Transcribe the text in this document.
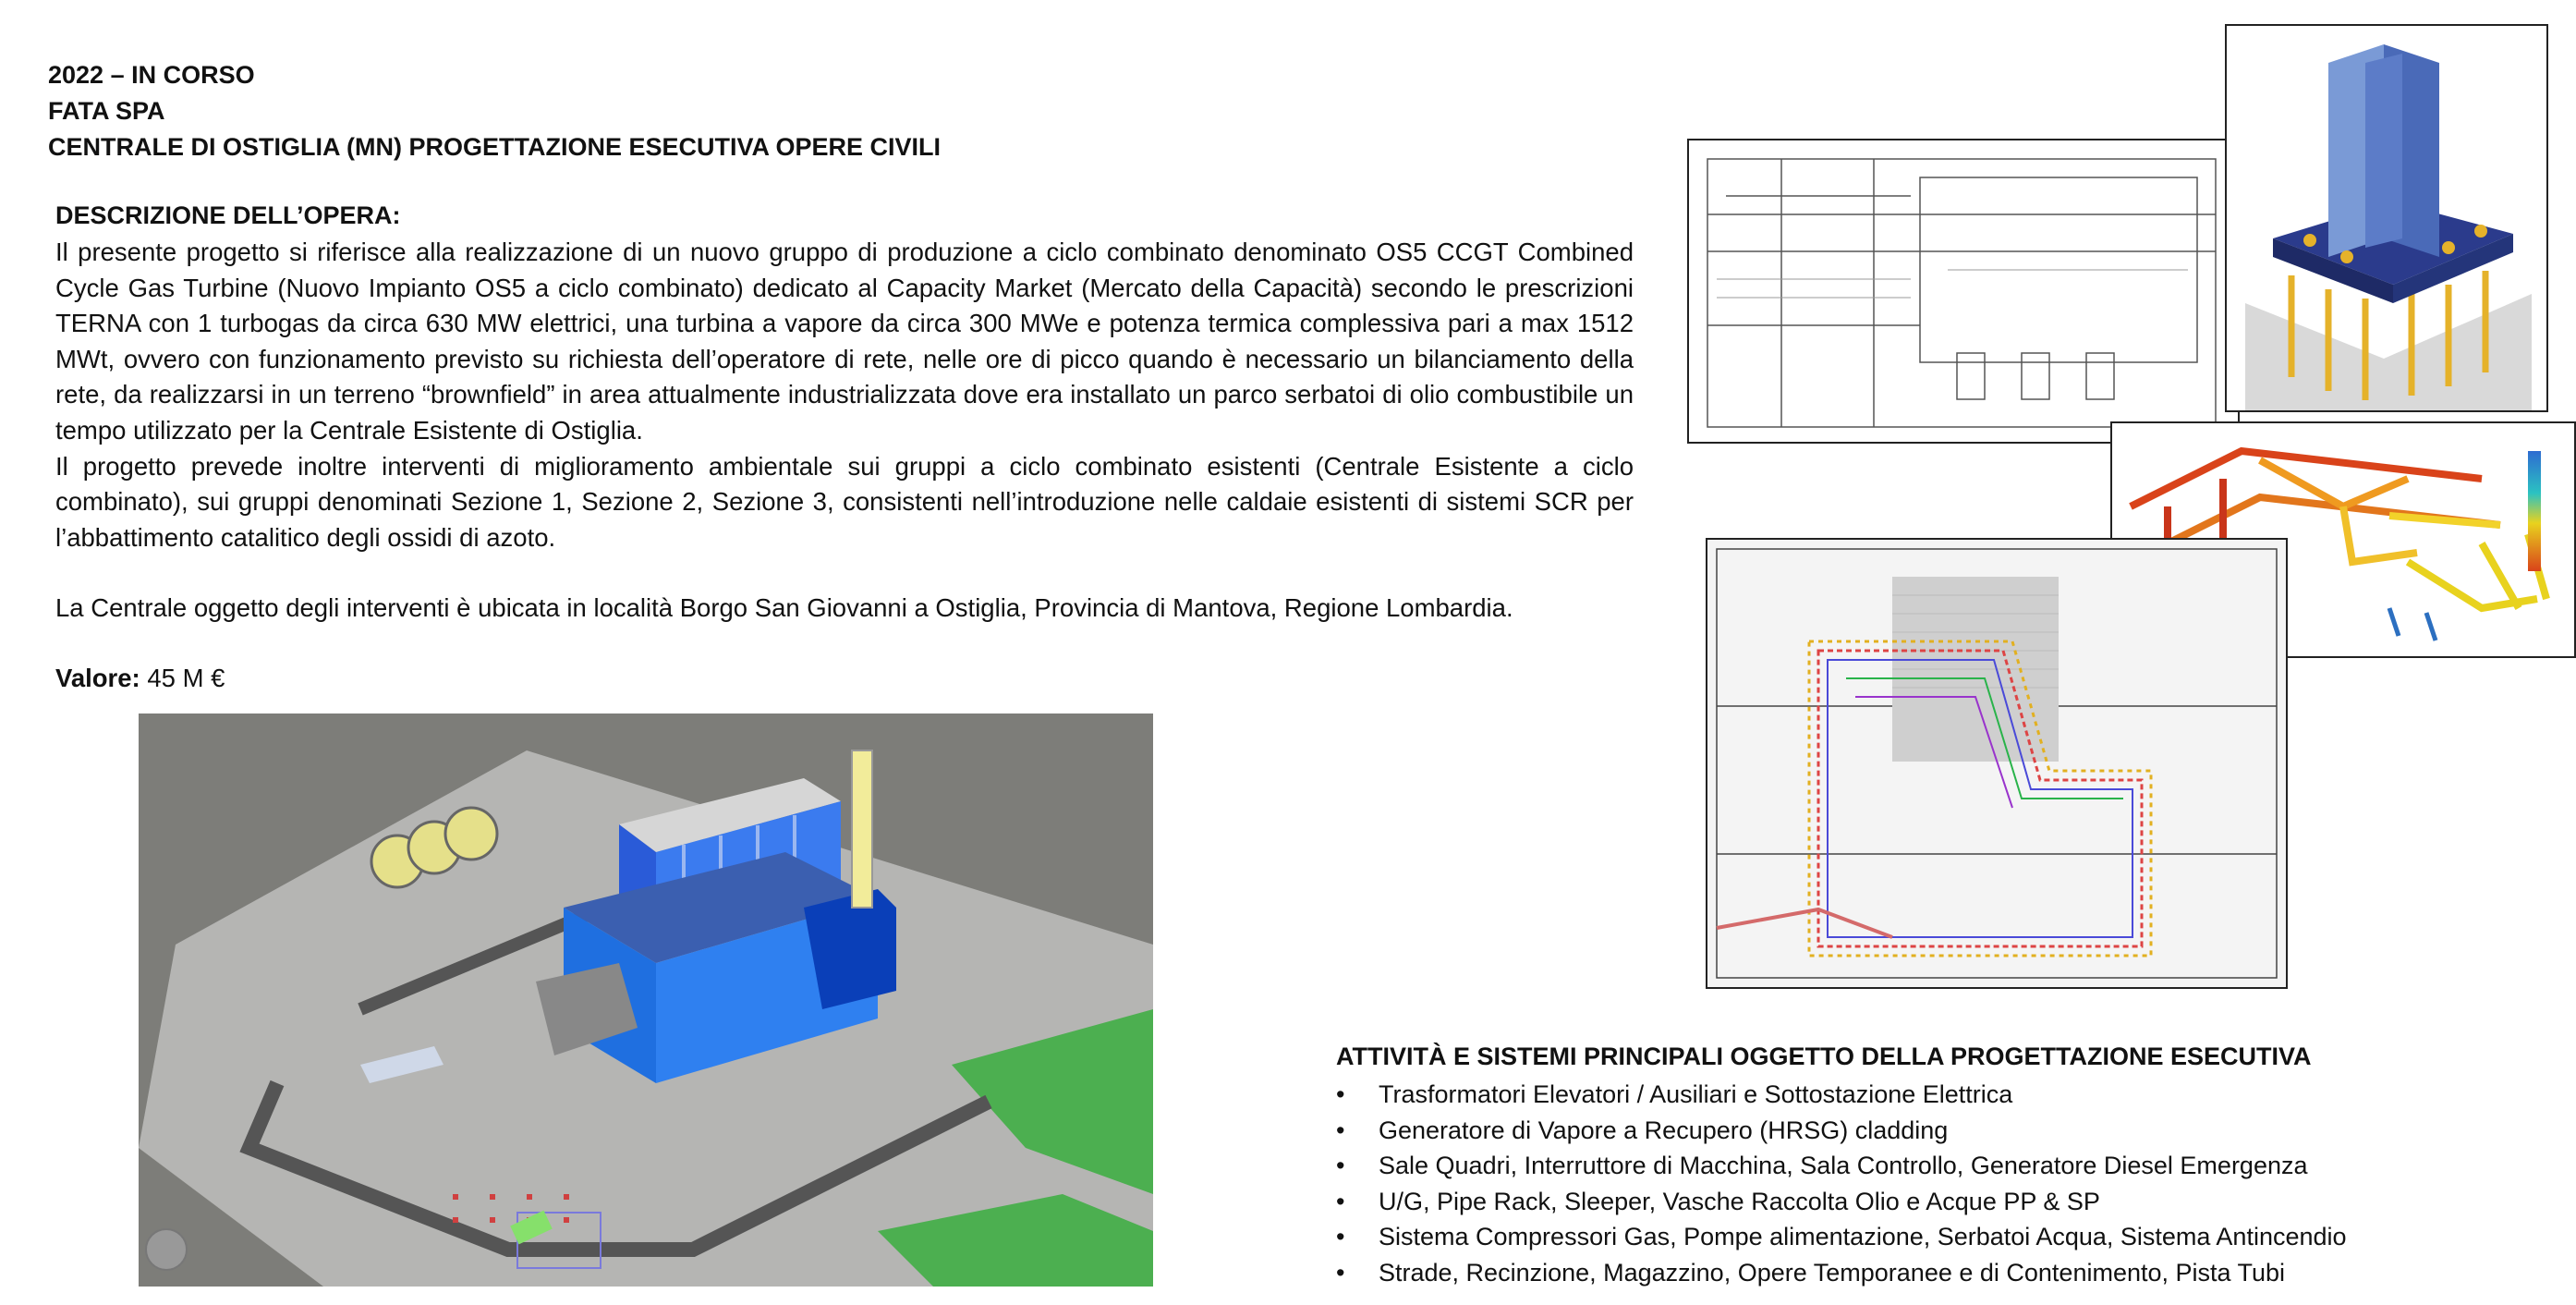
2022 – IN CORSO
FATA SPA
CENTRALE DI OSTIGLIA (MN) PROGETTAZIONE ESECUTIVA OPERE CIVILI
DESCRIZIONE DELL’OPERA:

Il presente progetto si riferisce alla realizzazione di un nuovo gruppo di produzione a ciclo combinato denominato OS5 CCGT Combined Cycle Gas Turbine (Nuovo Impianto OS5 a ciclo combinato) dedicato al Capacity Market (Mercato della Capacità) secondo le prescrizioni TERNA con 1 turbogas da circa 630 MW elettrici, una turbina a vapore da circa 300 MWe e potenza termica complessiva pari a max 1512 MWt, ovvero con funzionamento previsto su richiesta dell’operatore di rete, nelle ore di picco quando è necessario un bilanciamento della rete, da realizzarsi in un terreno “brownfield” in area attualmente industrializzata dove era installato un parco serbatoi di olio combustibile un tempo utilizzato per la Centrale Esistente di Ostiglia.

Il progetto prevede inoltre interventi di miglioramento ambientale sui gruppi a ciclo combinato esistenti (Centrale Esistente a ciclo combinato), sui gruppi denominati Sezione 1, Sezione 2, Sezione 3, consistenti nell’introduzione nelle caldaie esistenti di sistemi SCR per l’abbattimento catalitico degli ossidi di azoto.

La Centrale oggetto degli interventi è ubicata in località Borgo San Giovanni a Ostiglia, Provincia di Mantova, Regione Lombardia.

Valore: 45 M €
ATTIVITÀ E SISTEMI PRINCIPALI OGGETTO DELLA PROGETTAZIONE ESECUTIVA
• Trasformatori Elevatori / Ausiliari e Sottostazione Elettrica
• Generatore di Vapore a Recupero (HRSG) cladding
• Sale Quadri, Interruttore di Macchina, Sala Controllo, Generatore Diesel Emergenza
• U/G, Pipe Rack, Sleeper, Vasche Raccolta Olio e Acque PP & SP
• Sistema Compressori Gas, Pompe alimentazione, Serbatoi Acqua, Sistema Antincendio
• Strade, Recinzione, Magazzino, Opere Temporanee e di Contenimento, Pista Tubi
